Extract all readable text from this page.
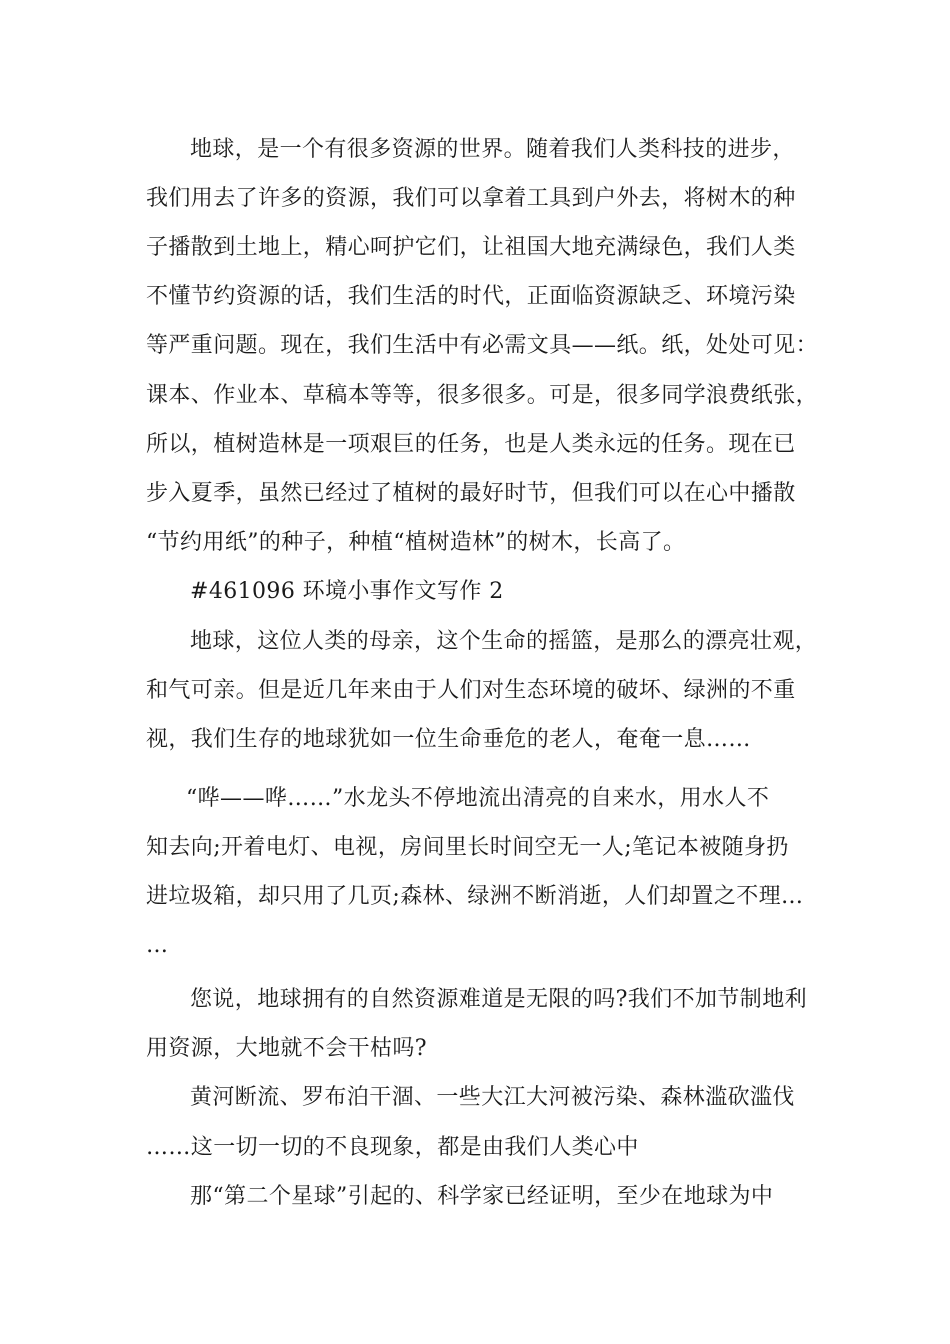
地球，是一个有很多资源的世界。随着我们人类科技的进步，
我们用去了许多的资源，我们可以拿着工具到户外去，将树木的种
子播散到土地上，精心呵护它们，让祖国大地充满绿色，我们人类
不懂节约资源的话，我们生活的时代，正面临资源缺乏、环境污染
等严重问题。现在，我们生活中有必需文具——纸。纸，处处可见：
课本、作业本、草稿本等等，很多很多。可是，很多同学浪费纸张，
所以，植树造林是一项艰巨的任务，也是人类永远的任务。现在已
步入夏季，虽然已经过了植树的最好时节，但我们可以在心中播散
“节约用纸”的种子，种植“植树造林”的树木，长高了。
#461096 环境小事作文写作 2
地球，这位人类的母亲，这个生命的摇篮，是那么的漂亮壮观，
和气可亲。但是近几年来由于人们对生态环境的破坏、绿洲的不重
视，我们生存的地球犹如一位生命垂危的老人，奄奄一息……
“哗——哗……”水龙头不停地流出清亮的自来水，用水人不
知去向;开着电灯、电视，房间里长时间空无一人;笔记本被随身扔
进垃圾箱，却只用了几页;森林、绿洲不断消逝，人们却置之不理…
…
您说，地球拥有的自然资源难道是无限的吗?我们不加节制地利
用资源，大地就不会干枯吗?
黄河断流、罗布泊干涸、一些大江大河被污染、森林滥砍滥伐
……这一切一切的不良现象，都是由我们人类心中
那“第二个星球”引起的、科学家已经证明，至少在地球为中
